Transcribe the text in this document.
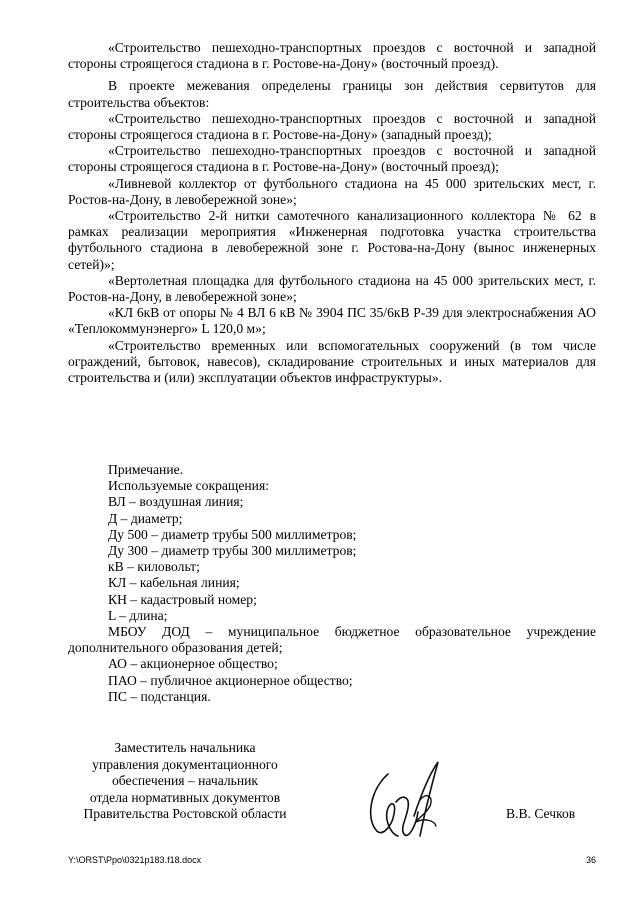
«Строительство пешеходно-транспортных проездов с восточной и западной стороны строящегося стадиона в г. Ростове-на-Дону» (восточный проезд).

В проекте межевания определены границы зон действия сервитутов для строительства объектов:

«Строительство пешеходно-транспортных проездов с восточной и западной стороны строящегося стадиона в г. Ростове-на-Дону» (западный проезд);

«Строительство пешеходно-транспортных проездов с восточной и западной стороны строящегося стадиона в г. Ростове-на-Дону» (восточный проезд);

«Ливневой коллектор от футбольного стадиона на 45 000 зрительских мест, г. Ростов-на-Дону, в левобережной зоне»;

«Строительство 2-й нитки самотечного канализационного коллектора № 62 в рамках реализации мероприятия «Инженерная подготовка участка строительства футбольного стадиона в левобережной зоне г. Ростова-на-Дону (вынос инженерных сетей)»;

«Вертолетная площадка для футбольного стадиона на 45 000 зрительских мест, г. Ростов-на-Дону, в левобережной зоне»;

«КЛ 6кВ от опоры № 4 ВЛ 6 кВ № 3904 ПС 35/6кВ Р-39 для электроснабжения АО «Теплокоммунэнерго» L 120,0 м»;

«Строительство временных или вспомогательных сооружений (в том числе ограждений, бытовок, навесов), складирование строительных и иных материалов для строительства и (или) эксплуатации объектов инфраструктуры».

Примечание.

Используемые сокращения:

ВЛ – воздушная линия;

Д – диаметр;

Ду 500 – диаметр трубы 500 миллиметров;

Ду 300 – диаметр трубы 300 миллиметров;

кВ – киловольт;

КЛ – кабельная линия;

КН – кадастровый номер;

L – длина;

МБОУ ДОД – муниципальное бюджетное образовательное учреждение дополнительного образования детей;

АО – акционерное общество;

ПАО – публичное акционерное общество;

ПС – подстанция.

Заместитель начальника
управления документационного
обеспечения – начальник
отдела нормативных документов
Правительства Ростовской области	В.В. Сечков
Y:\ORST\Ppo\0321p183.f18.docx	36
